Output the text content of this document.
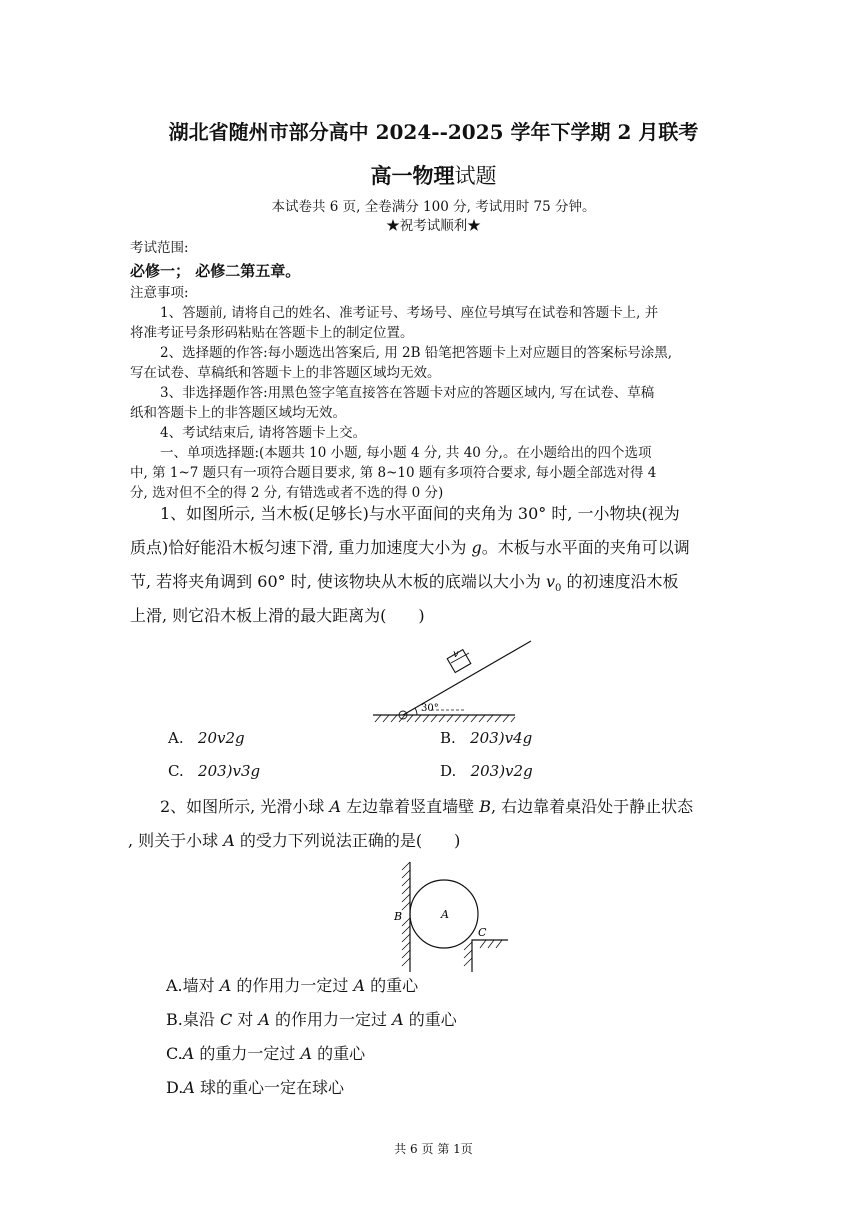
湖北省随州市部分高中 2024--2025 学年下学期 2 月联考
高一物理试题
本试卷共 6 页, 全卷满分 100 分, 考试用时 75 分钟。
★祝考试顺利★
考试范围:
必修一； 必修二第五章。
注意事项:
1、答题前, 请将自己的姓名、准考证号、考场号、座位号填写在试卷和答题卡上, 并
将准考证号条形码粘贴在答题卡上的制定位置。
2、选择题的作答:每小题选出答案后, 用 2B 铅笔把答题卡上对应题目的答案标号涂黑,
写在试卷、草稿纸和答题卡上的非答题区域均无效。
3、非选择题作答:用黑色签字笔直接答在答题卡对应的答题区域内, 写在试卷、草稿
纸和答题卡上的非答题区域均无效。
4、考试结束后, 请将答题卡上交。
一、单项选择题:(本题共 10 小题, 每小题 4 分, 共 40 分,。在小题给出的四个选项
中, 第 1~7 题只有一项符合题目要求, 第 8~10 题有多项符合要求, 每小题全部选对得 4
分, 选对但不全的得 2 分, 有错选或者不选的得 0 分)
1、如图所示, 当木板(足够长)与水平面间的夹角为 30° 时, 一小物块(视为
质点)恰好能沿木板匀速下滑, 重力加速度大小为 g。木板与水平面的夹角可以调
节, 若将夹角调到 60° 时, 使该物块从木板的底端以大小为 $v_0$ 的初速度沿木板
上滑, 则它沿木板上滑的最大距离为(　　)
30°
v
A. 20v2g	B. 203)v4g
C. 203)v3g	D. 203)v2g
2、如图所示, 光滑小球 A 左边靠着竖直墙壁 B, 右边靠着桌沿处于静止状态
, 则关于小球 A 的受力下列说法正确的是(　　)
A
B
C
A.墙对 A 的作用力一定过 A 的重心
B.桌沿 C 对 A 的作用力一定过 A 的重心
C.A 的重力一定过 A 的重心
D.A 球的重心一定在球心
共 6 页 第 1页
